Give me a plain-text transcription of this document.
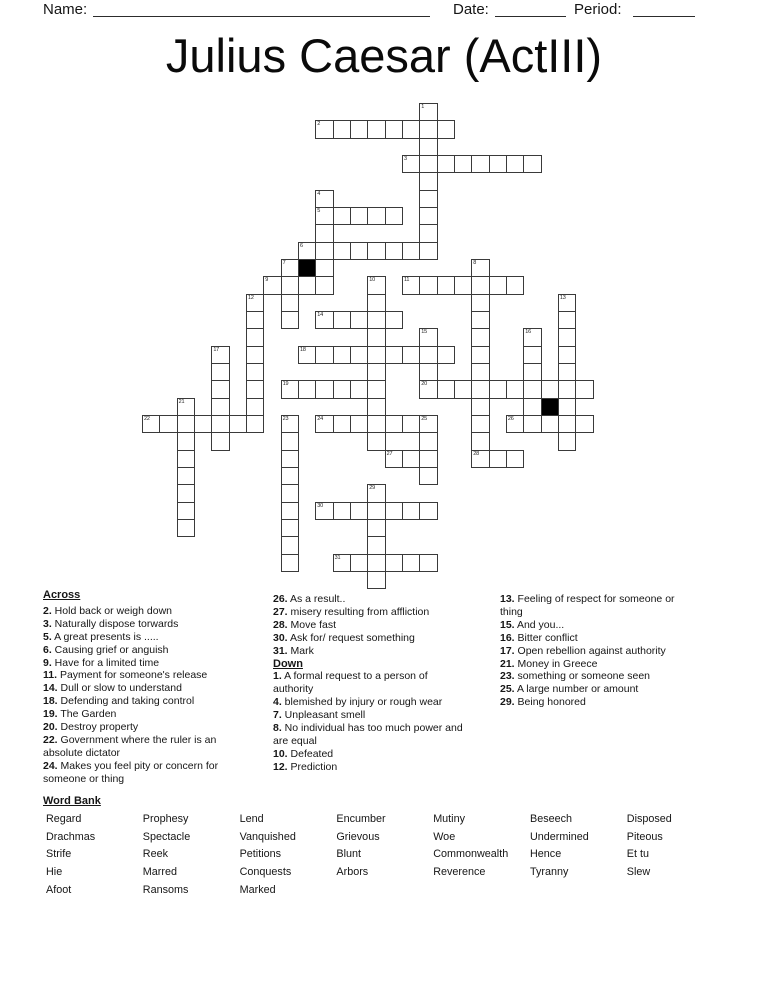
Name:	Date:	Period:
Julius Caesar (ActIII)
2
3
5
6
9	11
14
18
19	20
22	24	25	26
27	28
30
31
1
4
7	8
10
12	13
15	16
17
21
23
29
Across
2. Hold back or weigh down
3. Naturally dispose torwards
5. A great presents is .....
6. Causing grief or anguish
9. Have for a limited time
11. Payment for someone's release
14. Dull or slow to understand
18. Defending and taking control
19. The Garden
20. Destroy property
22. Government where the ruler is an absolute dictator
24. Makes you feel pity or concern for someone or thing
26. As a result..
27. misery resulting from affliction
28. Move fast
30. Ask for/ request something
31. Mark
Down
1. A formal request to a person of authority
4. blemished by injury or rough wear
7. Unpleasant smell
8. No individual has too much power and are equal
10. Defeated
12. Prediction
13. Feeling of respect for someone or thing
15. And you...
16. Bitter conflict
17. Open rebellion against authority
21. Money in Greece
23. something or someone seen
25. A large number or amount
29. Being honored
Word Bank
Regard	Prophesy	Lend	Encumber	Mutiny	Beseech	Disposed
Drachmas	Spectacle	Vanquished	Grievous	Woe	Undermined	Piteous
Strife	Reek	Petitions	Blunt	Commonwealth Hence	Et tu
Hie	Marred	Conquests	Arbors	Reverence	Tyranny	Slew
Afoot	Ransoms	Marked
